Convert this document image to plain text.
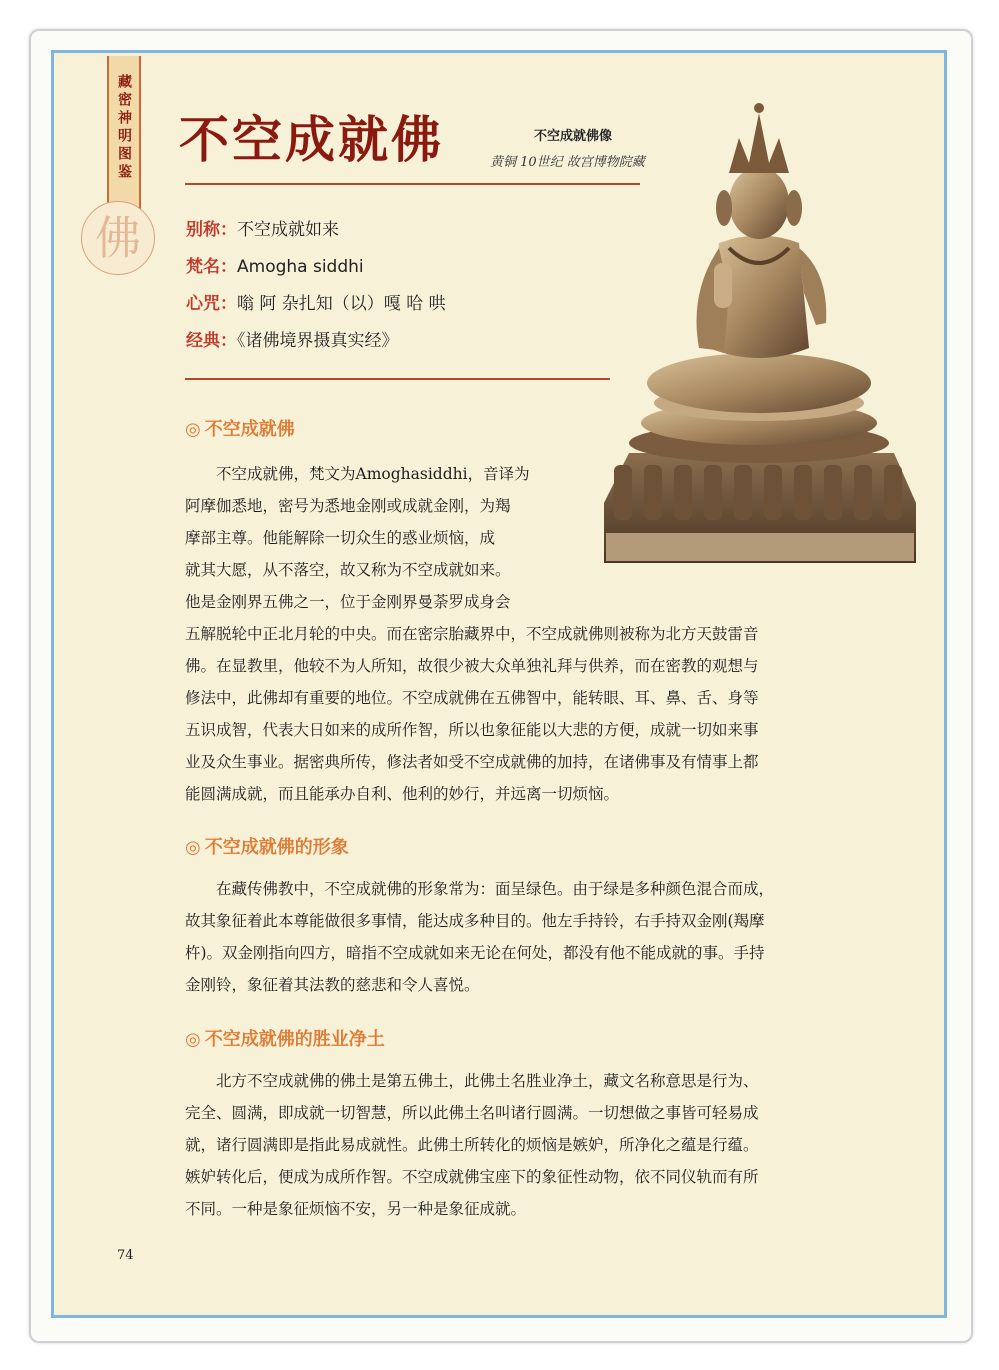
藏密神明图鉴
佛
不空成就佛	不空成就佛像
黄铜 10世纪 故宫博物院藏
别称：不空成就如来
梵名：Amogha siddhi
心咒：嗡 阿 杂扎知（以）嘎 哈 哄
经典：《诸佛境界摄真实经》
◎ 不空成就佛
不空成就佛，梵文为Amoghasiddhi，音译为
阿摩伽悉地，密号为悉地金刚或成就金刚，为羯
摩部主尊。他能解除一切众生的惑业烦恼，成
就其大愿，从不落空，故又称为不空成就如来。
他是金刚界五佛之一，位于金刚界曼荼罗成身会
五解脱轮中正北月轮的中央。而在密宗胎藏界中，不空成就佛则被称为北方天鼓雷音
佛。在显教里，他较不为人所知，故很少被大众单独礼拜与供养，而在密教的观想与
修法中，此佛却有重要的地位。不空成就佛在五佛智中，能转眼、耳、鼻、舌、身等
五识成智，代表大日如来的成所作智，所以也象征能以大悲的方便，成就一切如来事
业及众生事业。据密典所传，修法者如受不空成就佛的加持，在诸佛事及有情事上都
能圆满成就，而且能承办自利、他利的妙行，并远离一切烦恼。
◎ 不空成就佛的形象
在藏传佛教中，不空成就佛的形象常为：面呈绿色。由于绿是多种颜色混合而成，
故其象征着此本尊能做很多事情，能达成多种目的。他左手持铃，右手持双金刚(羯摩
杵)。双金刚指向四方，暗指不空成就如来无论在何处，都没有他不能成就的事。手持
金刚铃，象征着其法教的慈悲和令人喜悦。
◎ 不空成就佛的胜业净土
北方不空成就佛的佛土是第五佛土，此佛土名胜业净土，藏文名称意思是行为、
完全、圆满，即成就一切智慧，所以此佛土名叫诸行圆满。一切想做之事皆可轻易成
就，诸行圆满即是指此易成就性。此佛土所转化的烦恼是嫉妒，所净化之蕴是行蕴。
嫉妒转化后，便成为成所作智。不空成就佛宝座下的象征性动物，依不同仪轨而有所
不同。一种是象征烦恼不安，另一种是象征成就。
74
